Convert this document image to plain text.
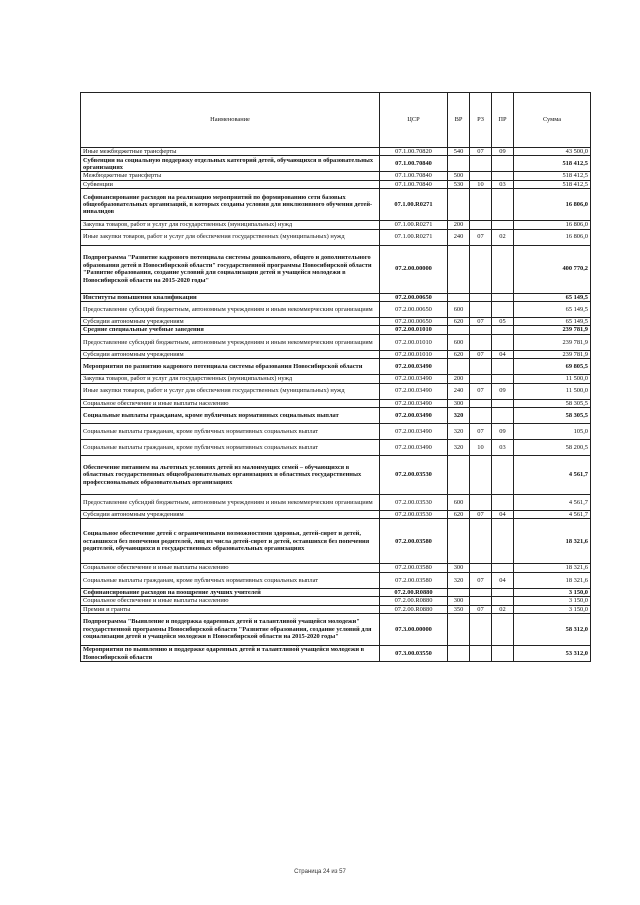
Наименование	ЦСР	ВР	РЗ	ПР	Сумма
Иные межбюджетные трансферты	07.1.00.70820	540	07	09	43 500,0
Субвенции на социальную поддержку отдельных категорий детей, обучающихся в образовательных организациях	07.1.00.70840				518 412,5
Межбюджетные трансферты	07.1.00.70840	500			518 412,5
Субвенции	07.1.00.70840	530	10	03	518 412,5
Софинансирование расходов на реализацию мероприятий по формированию сети базовых общеобразовательных организаций, в которых созданы условия для инклюзивного обучения детей-инвалидов	07.1.00.R0271				16 806,0
Закупка товаров, работ и услуг для государственных (муниципальных) нужд	07.1.00.R0271	200			16 806,0
Иные закупки товаров, работ и услуг для обеспечения государственных (муниципальных) нужд	07.1.00.R0271	240	07	02	16 806,0
Подпрограмма "Развитие кадрового потенциала системы дошкольного, общего и дополнительного образования детей в Новосибирской области" государственной программы Новосибирской области "Развитие образования, создание условий для социализации детей и учащейся молодежи в Новосибирской области на 2015-2020 годы"	07.2.00.00000				400 770,2
Институты повышения квалификации	07.2.00.00650				65 149,5
Предоставление субсидий бюджетным, автономным учреждениям и иным некоммерческим организациям	07.2.00.00650	600			65 149,5
Субсидии автономным учреждениям	07.2.00.00650	620	07	05	65 149,5
Средние специальные учебные заведения	07.2.00.01010				239 781,9
Предоставление субсидий бюджетным, автономным учреждениям и иным некоммерческим организациям	07.2.00.01010	600			239 781,9
Субсидии автономным учреждениям	07.2.00.01010	620	07	04	239 781,9
Мероприятия по развитию кадрового потенциала системы образования Новосибирской области	07.2.00.03490				69 805,5
Закупка товаров, работ и услуг для государственных (муниципальных) нужд	07.2.00.03490	200			11 500,0
Иные закупки товаров, работ и услуг для обеспечения государственных (муниципальных) нужд	07.2.00.03490	240	07	09	11 500,0
Социальное обеспечение и иные выплаты населению	07.2.00.03490	300			58 305,5
Социальные выплаты гражданам, кроме публичных нормативных социальных выплат	07.2.00.03490	320			58 305,5
Социальные выплаты гражданам, кроме публичных нормативных социальных выплат	07.2.00.03490	320	07	09	105,0
Социальные выплаты гражданам, кроме публичных нормативных социальных выплат	07.2.00.03490	320	10	03	58 200,5
Обеспечение питанием на льготных условиях детей из малоимущих семей – обучающихся в областных государственных общеобразовательных организациях и областных государственных профессиональных образовательных организациях	07.2.00.03530				4 561,7
Предоставление субсидий бюджетным, автономным учреждениям и иным некоммерческим организациям	07.2.00.03530	600			4 561,7
Субсидии автономным учреждениям	07.2.00.03530	620	07	04	4 561,7
Социальное обеспечение детей с ограниченными возможностями здоровья, детей-сирот и детей, оставшихся без попечения родителей, лиц из числа детей-сирот и детей, оставшихся без попечения родителей, обучающихся в государственных образовательных организациях	07.2.00.03580				18 321,6
Социальное обеспечение и иные выплаты населению	07.2.00.03580	300			18 321,6
Социальные выплаты гражданам, кроме публичных нормативных социальных выплат	07.2.00.03580	320	07	04	18 321,6
Софинансирование расходов на поощрение лучших учителей	07.2.00.R0880				3 150,0
Социальное обеспечение и иные выплаты населению	07.2.00.R0880	300			3 150,0
Премии и гранты	07.2.00.R0880	350	07	02	3 150,0
Подпрограмма "Выявление и поддержка одаренных детей и талантливой учащейся молодежи" государственной программы Новосибирской области "Развитие образования, создание условий для социализации детей и учащейся молодежи в Новосибирской области на 2015-2020 годы"	07.3.00.00000				58 312,0
Мероприятия по выявлению и поддержке одаренных детей и талантливой учащейся молодежи в Новосибирской области	07.3.00.03550				53 312,0
Страница 24 из 57
